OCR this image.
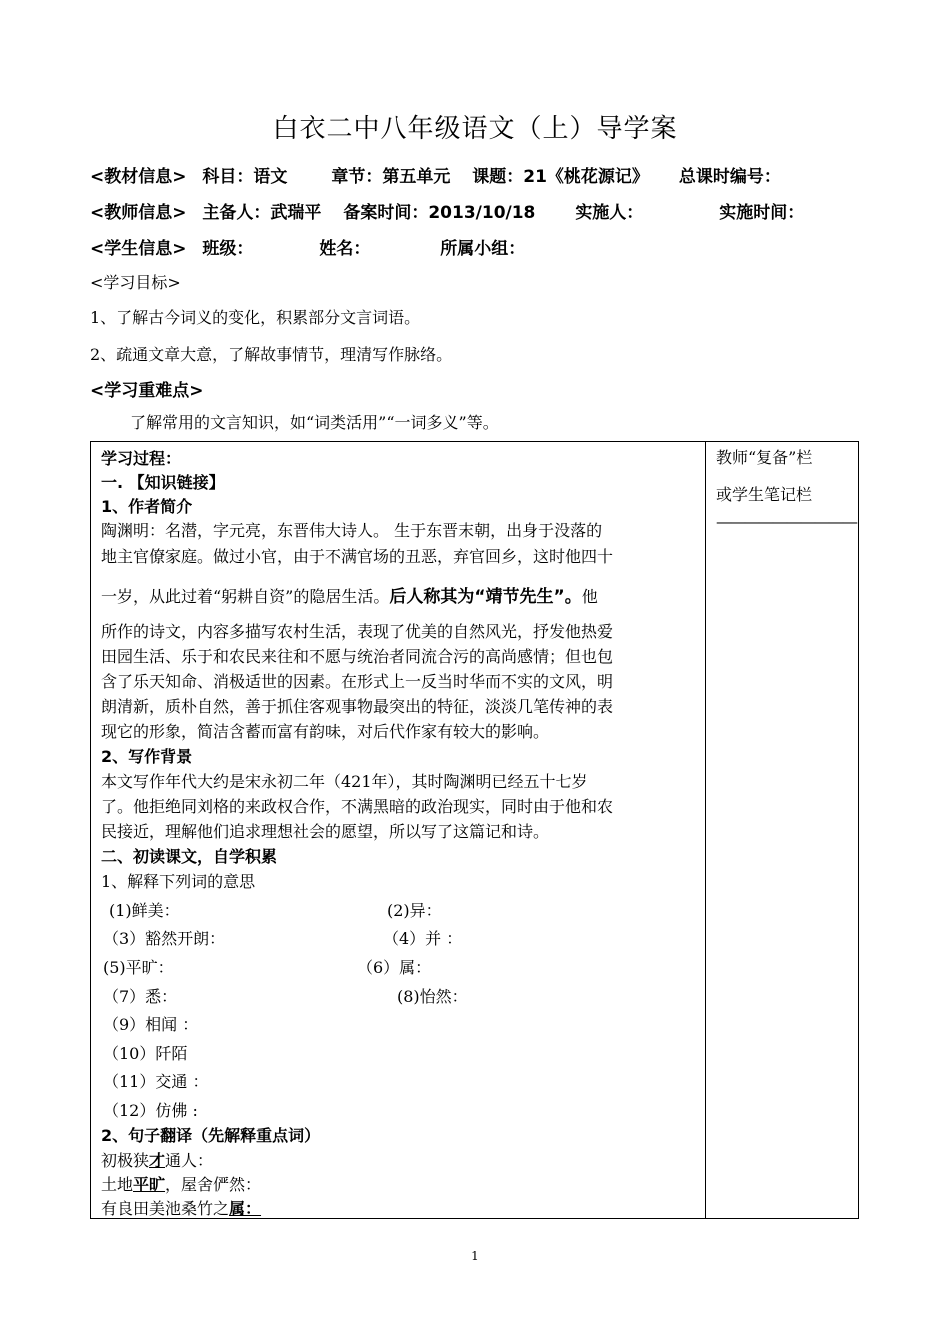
白衣二中八年级语文（上）导学案
<教材信息> 科目：语文	章节：第五单元 课题：21《桃花源记》 总课时编号：
<教师信息> 主备人：武瑞平 备案时间：2013/10/18 实施人：	实施时间：
<学生信息> 班级：	姓名：	所属小组：
<学习目标>
1、了解古今词义的变化，积累部分文言词语。
2、疏通文章大意，了解故事情节，理清写作脉络。
<学习重难点>
了解常用的文言知识，如“词类活用”“一词多义”等。
学习过程：
一. 【知识链接】
1、作者简介
陶渊明：名潜，字元亮，东晋伟大诗人。 生于东晋末朝，出身于没落的
地主官僚家庭。做过小官，由于不满官场的丑恶，弃官回乡，这时他四十
一岁，从此过着“躬耕自资”的隐居生活。后人称其为“靖节先生”。他
所作的诗文，内容多描写农村生活，表现了优美的自然风光，抒发他热爱
田园生活、乐于和农民来往和不愿与统治者同流合污的高尚感情；但也包
含了乐天知命、消极适世的因素。在形式上一反当时华而不实的文风，明
朗清新，质朴自然，善于抓住客观事物最突出的特征，淡淡几笔传神的表
现它的形象，简洁含蓄而富有韵味，对后代作家有较大的影响。
2、写作背景
本文写作年代大约是宋永初二年（421年），其时陶渊明已经五十七岁
了。他拒绝同刘格的来政权合作，不满黑暗的政治现实，同时由于他和农
民接近，理解他们追求理想社会的愿望，所以写了这篇记和诗。
二、初读课文，自学积累
1、解释下列词的意思
(1)鲜美：	(2)异：
（3）豁然开朗：	（4）并 ：
(5)平旷：	（6）属：
（7）悉：	(8)怡然：
（9）相闻 ：
（10）阡陌
（11）交通 ：
（12）仿佛 :
2、句子翻译（先解释重点词）
初极狭才通人：
土地平旷，屋舍俨然：
有良田美池桑竹之属：
教师“复备”栏
或学生笔记栏
——————————
1
